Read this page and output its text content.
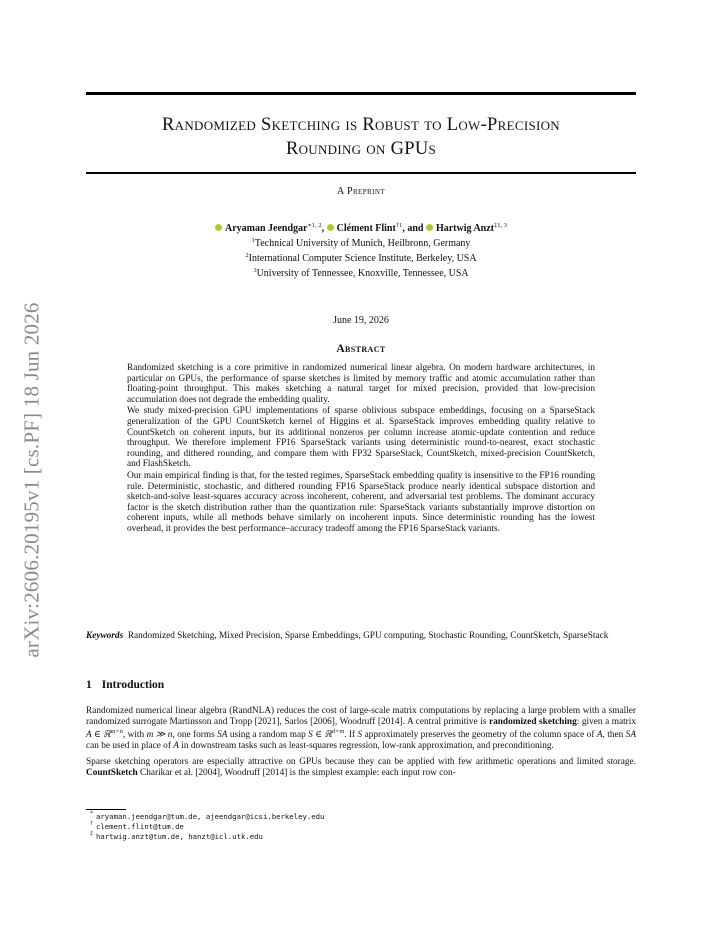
arXiv:2606.20195v1 [cs.PF] 18 Jun 2026
Randomized Sketching is Robust to Low-Precision
Rounding on GPUs
A Preprint
Aryaman Jeendgar$^{∗1, 2}$, Clément Flint$^{\dagger 1}$, and Hartwig Anzt$^{\ddagger 1, 3}$
$^1$Technical University of Munich, Heilbronn, Germany
$^2$International Computer Science Institute, Berkeley, USA
$^3$University of Tennessee, Knoxville, Tennessee, USA
June 19, 2026
Abstract

Randomized sketching is a core primitive in randomized numerical linear algebra. On modern hardware architectures, in particular on GPUs, the performance of sparse sketches is limited by memory traffic and atomic accumulation rather than floating-point throughput. This makes sketching a natural target for mixed precision, provided that low-precision accumulation does not degrade the embedding quality.

We study mixed-precision GPU implementations of sparse oblivious subspace embeddings, focusing on a SparseStack generalization of the GPU CountSketch kernel of Higgins et al. SparseStack improves embedding quality relative to CountSketch on coherent inputs, but its additional nonzeros per column increase atomic-update contention and reduce throughput. We therefore implement FP16 SparseStack variants using deterministic round-to-nearest, exact stochastic rounding, and dithered rounding, and compare them with FP32 SparseStack, CountSketch, mixed-precision CountSketch, and FlashSketch.

Our main empirical finding is that, for the tested regimes, SparseStack embedding quality is insensitive to the FP16 rounding rule. Deterministic, stochastic, and dithered rounding FP16 SparseStack produce nearly identical subspace distortion and sketch-and-solve least-squares accuracy across incoherent, coherent, and adversarial test problems. The dominant accuracy factor is the sketch distribution rather than the quantization rule: SparseStack variants substantially improve distortion on coherent inputs, while all methods behave similarly on incoherent inputs. Since deterministic rounding has the lowest overhead, it provides the best performance–accuracy tradeoff among the FP16 SparseStack variants.

Keywords Randomized Sketching, Mixed Precision, Sparse Embeddings, GPU computing, Stochastic Rounding, CountSketch, SparseStack
1 Introduction

Randomized numerical linear algebra (RandNLA) reduces the cost of large-scale matrix computations by replacing a large problem with a smaller randomized surrogate Martinsson and Tropp [2021], Sarlos [2006], Woodruff [2014]. A central primitive is randomized sketching: given a matrix A ∈ ℝ$^{m\times n}$, with m ≫ n, one forms SA using a random map S ∈ ℝ$^{d\times m}$. If S approximately preserves the geometry of the column space of A, then SA can be used in place of A in downstream tasks such as least-squares regression, low-rank approximation, and preconditioning.

Sparse sketching operators are especially attractive on GPUs because they can be applied with few arithmetic operations and limited storage. CountSketch Charikar et al. [2004], Woodruff [2014] is the simplest example: each input row con-

* aryaman.jeendgar@tum.de, ajeendgar@icsi.berkeley.edu
† clement.flint@tum.de
‡ hartwig.anzt@tum.de, hanzt@icl.utk.edu
